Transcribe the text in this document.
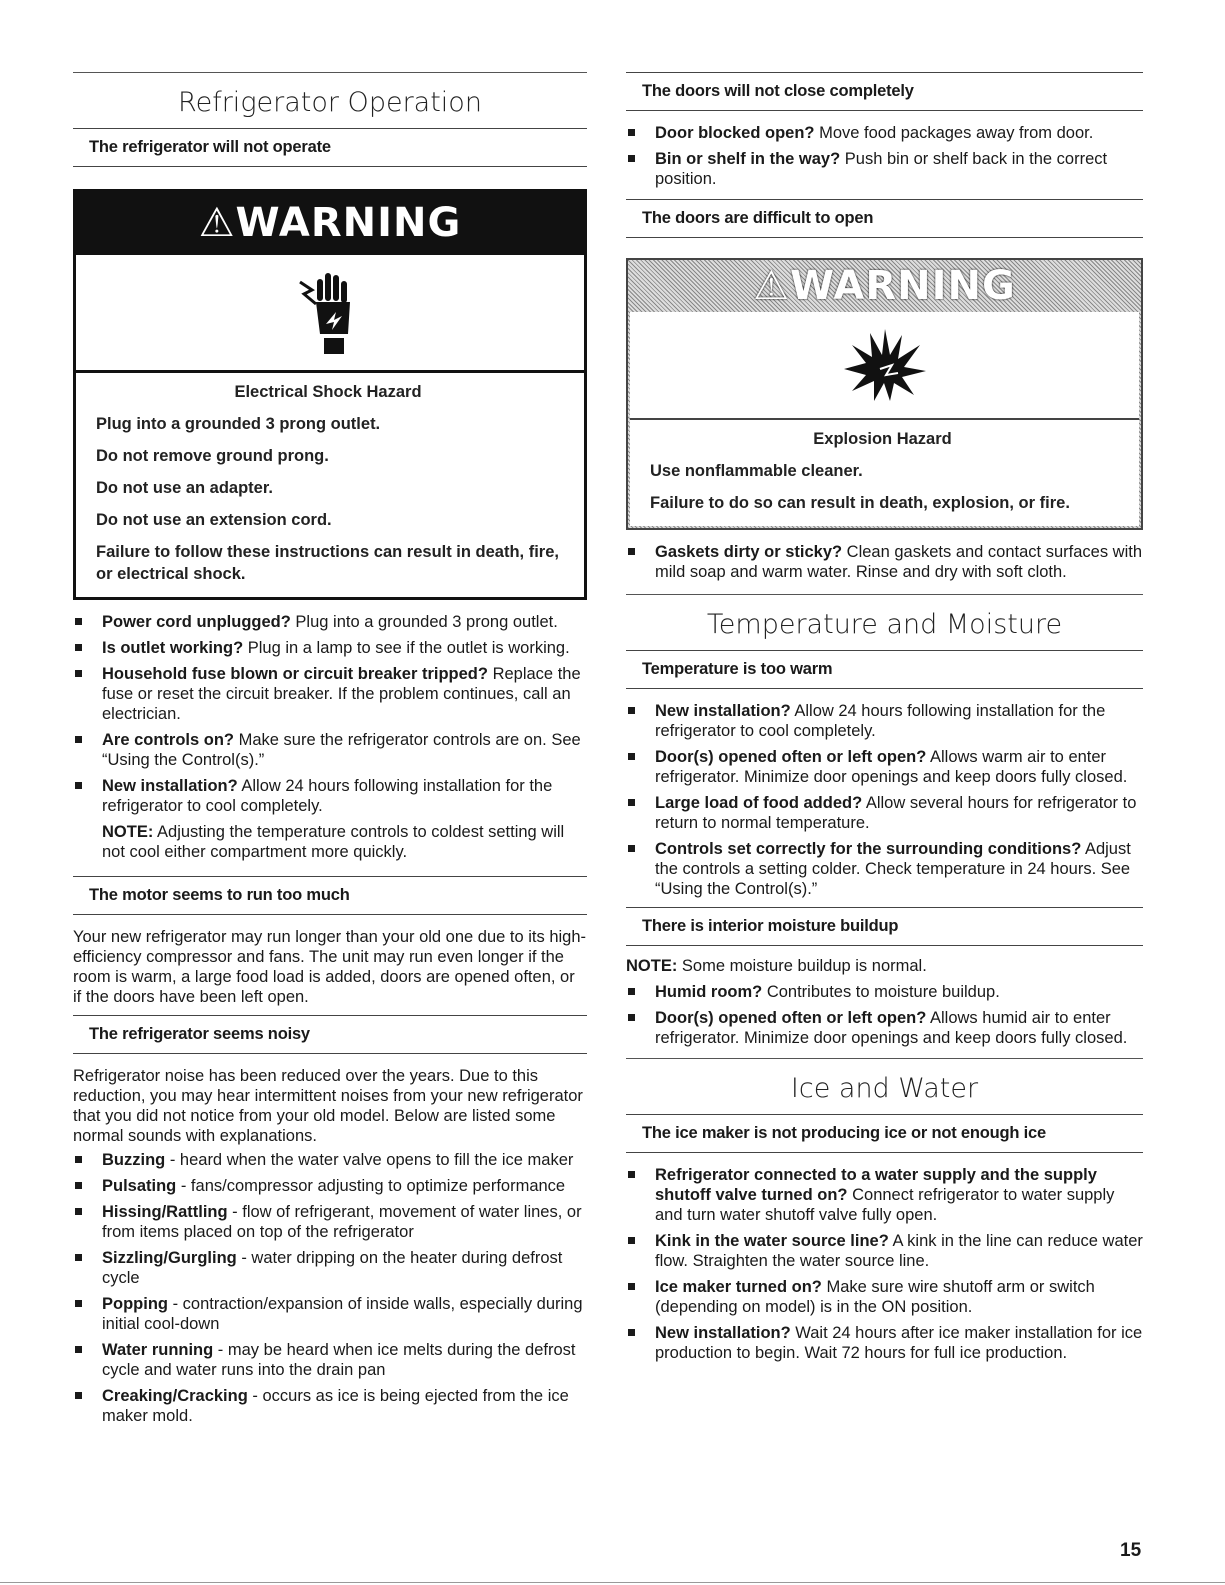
Refrigerator Operation
The refrigerator will not operate
⚠WARNING
Electrical Shock Hazard

Plug into a grounded 3 prong outlet.

Do not remove ground prong.

Do not use an adapter.

Do not use an extension cord.

Failure to follow these instructions can result in death, fire, or electrical shock.

Power cord unplugged? Plug into a grounded 3 prong outlet.
Is outlet working? Plug in a lamp to see if the outlet is working.
Household fuse blown or circuit breaker tripped? Replace the fuse or reset the circuit breaker. If the problem continues, call an electrician.
Are controls on? Make sure the refrigerator controls are on. See “Using the Control(s).”
New installation? Allow 24 hours following installation for the refrigerator to cool completely.
NOTE: Adjusting the temperature controls to coldest setting will not cool either compartment more quickly.
The motor seems to run too much
Your new refrigerator may run longer than your old one due to its high-efficiency compressor and fans. The unit may run even longer if the room is warm, a large food load is added, doors are opened often, or if the doors have been left open.
The refrigerator seems noisy
Refrigerator noise has been reduced over the years. Due to this reduction, you may hear intermittent noises from your new refrigerator that you did not notice from your old model. Below are listed some normal sounds with explanations.
Buzzing - heard when the water valve opens to fill the ice maker
Pulsating - fans/compressor adjusting to optimize performance
Hissing/Rattling - flow of refrigerant, movement of water lines, or from items placed on top of the refrigerator
Sizzling/Gurgling - water dripping on the heater during defrost cycle
Popping - contraction/expansion of inside walls, especially during initial cool-down
Water running - may be heard when ice melts during the defrost cycle and water runs into the drain pan
Creaking/Cracking - occurs as ice is being ejected from the ice maker mold.
The doors will not close completely
Door blocked open? Move food packages away from door.
Bin or shelf in the way? Push bin or shelf back in the correct position.
The doors are difficult to open
⚠WARNING
Explosion Hazard

Use nonflammable cleaner.

Failure to do so can result in death, explosion, or fire.

Gaskets dirty or sticky? Clean gaskets and contact surfaces with mild soap and warm water. Rinse and dry with soft cloth.
Temperature and Moisture
Temperature is too warm
New installation? Allow 24 hours following installation for the refrigerator to cool completely.
Door(s) opened often or left open? Allows warm air to enter refrigerator. Minimize door openings and keep doors fully closed.
Large load of food added? Allow several hours for refrigerator to return to normal temperature.
Controls set correctly for the surrounding conditions? Adjust the controls a setting colder. Check temperature in 24 hours. See “Using the Control(s).”
There is interior moisture buildup
NOTE: Some moisture buildup is normal.
Humid room? Contributes to moisture buildup.
Door(s) opened often or left open? Allows humid air to enter refrigerator. Minimize door openings and keep doors fully closed.
Ice and Water
The ice maker is not producing ice or not enough ice
Refrigerator connected to a water supply and the supply shutoff valve turned on? Connect refrigerator to water supply and turn water shutoff valve fully open.
Kink in the water source line? A kink in the line can reduce water flow. Straighten the water source line.
Ice maker turned on? Make sure wire shutoff arm or switch (depending on model) is in the ON position.
New installation? Wait 24 hours after ice maker installation for ice production to begin. Wait 72 hours for full ice production.
15
